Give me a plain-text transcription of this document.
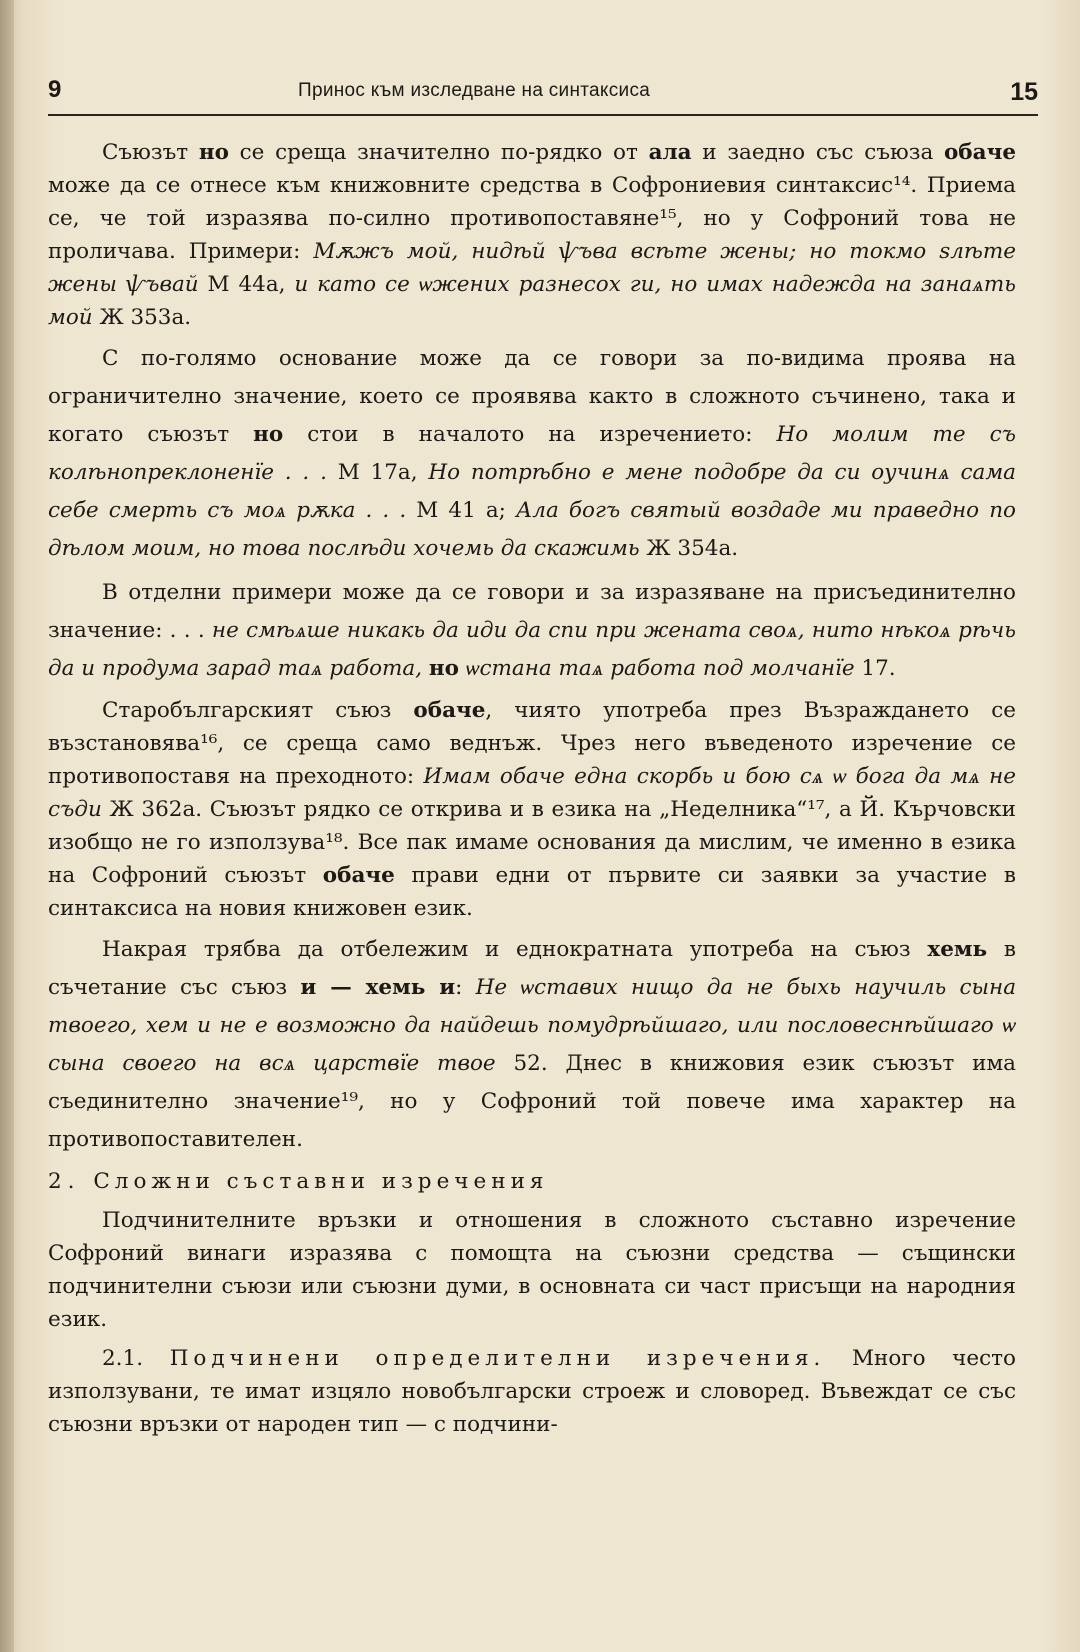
9	Принос към изследване на синтаксиса	15

Съюзът но се среща значително по-рядко от ала и заедно със съюза обаче може да се отнесе към книжовните средства в Софрониевия синтаксис¹⁴. Приема се, че той изразява по-силно противопоставяне¹⁵, но у Софроний това не проличава. Примери: Мѫжъ мой, нидѣй ѱъва всѣте жены; но токмо ѕлѣте жены ѱъвай М 44а, и като се ѡжених разнесох ги, но имах надежда на занаѧть мой Ж 353а.

С по-голямо основание може да се говори за по-видима проява на ограничително значение, което се проявява както в сложното съчинено, така и когато съюзът но стои в началото на изречението: Но молим те съ колѣнопреклоненїе . . . М 17а, Но потрѣбно е мене подобре да си оучинѧ сама себе смерть съ моѧ рѫка . . . М 41 а; Ала богъ святый воздаде ми праведно по дѣлом моим, но това послѣди хочемь да скажимь Ж 354а.

В отделни примери може да се говори и за изразяване на присъединително значение: . . . не смѣѧше никакь да иди да спи при жената своѧ, нито нѣкоѧ рѣчь да и продума зарад таѧ работа, но ѡстана таѧ работа под молчанїе 17.

Старобългарският съюз обаче, чиято употреба през Възраждането се възстановява¹⁶, се среща само веднъж. Чрез него въведеното изречение се противопоставя на преходното: Имам обаче една скорбь и бою сѧ ѡ бога да мѧ не съди Ж 362а. Съюзът рядко се открива и в езика на „Неделника“¹⁷, а Й. Кърчовски изобщо не го използува¹⁸. Все пак имаме основания да мислим, че именно в езика на Софроний съюзът обаче прави едни от първите си заявки за участие в синтаксиса на новия книжовен език.

Накрая трябва да отбележим и еднократната употреба на съюз хемь в съчетание със съюз и — хемь и: Не ѡставих нищо да не быхь научиль сына твоего, хем и не е возможно да найдешь помудрѣйшаго, или пословеснѣйшаго ѡ сына своего на всѧ царствїе твое 52. Днес в книжовия език съюзът има съединително значение¹⁹, но у Софроний той повече има характер на противопоставителен.

2. Сложни съставни изречения

Подчинителните връзки и отношения в сложното съставно изречение Софроний винаги изразява с помощта на съюзни средства — същински подчинителни съюзи или съюзни думи, в основната си част присъщи на народния език.

2.1. Подчинени определителни изречения. Много често използувани, те имат изцяло новобългарски строеж и словоред. Въвеждат се със съюзни връзки от народен тип — с подчини-
